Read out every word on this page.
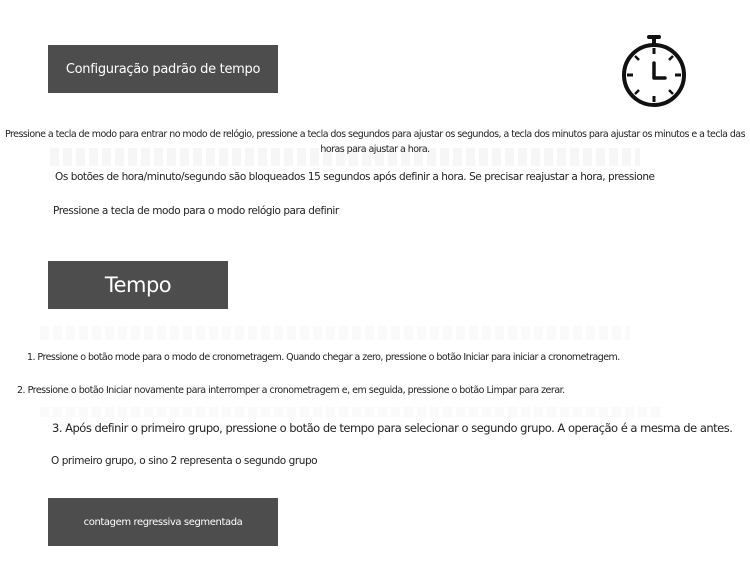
Configuração padrão de tempo
Pressione a tecla de modo para entrar no modo de relógio, pressione a tecla dos segundos para ajustar os segundos, a tecla dos minutos para ajustar os minutos e a tecla das horas para ajustar a hora.
Os botões de hora/minuto/segundo são bloqueados 15 segundos após definir a hora. Se precisar reajustar a hora, pressione
Pressione a tecla de modo para o modo relógio para definir
Tempo
1. Pressione o botão mode para o modo de cronometragem. Quando chegar a zero, pressione o botão Iniciar para iniciar a cronometragem.
2. Pressione o botão Iniciar novamente para interromper a cronometragem e, em seguida, pressione o botão Limpar para zerar.
3. Após definir o primeiro grupo, pressione o botão de tempo para selecionar o segundo grupo. A operação é a mesma de antes.
O primeiro grupo, o sino 2 representa o segundo grupo
contagem regressiva segmentada
